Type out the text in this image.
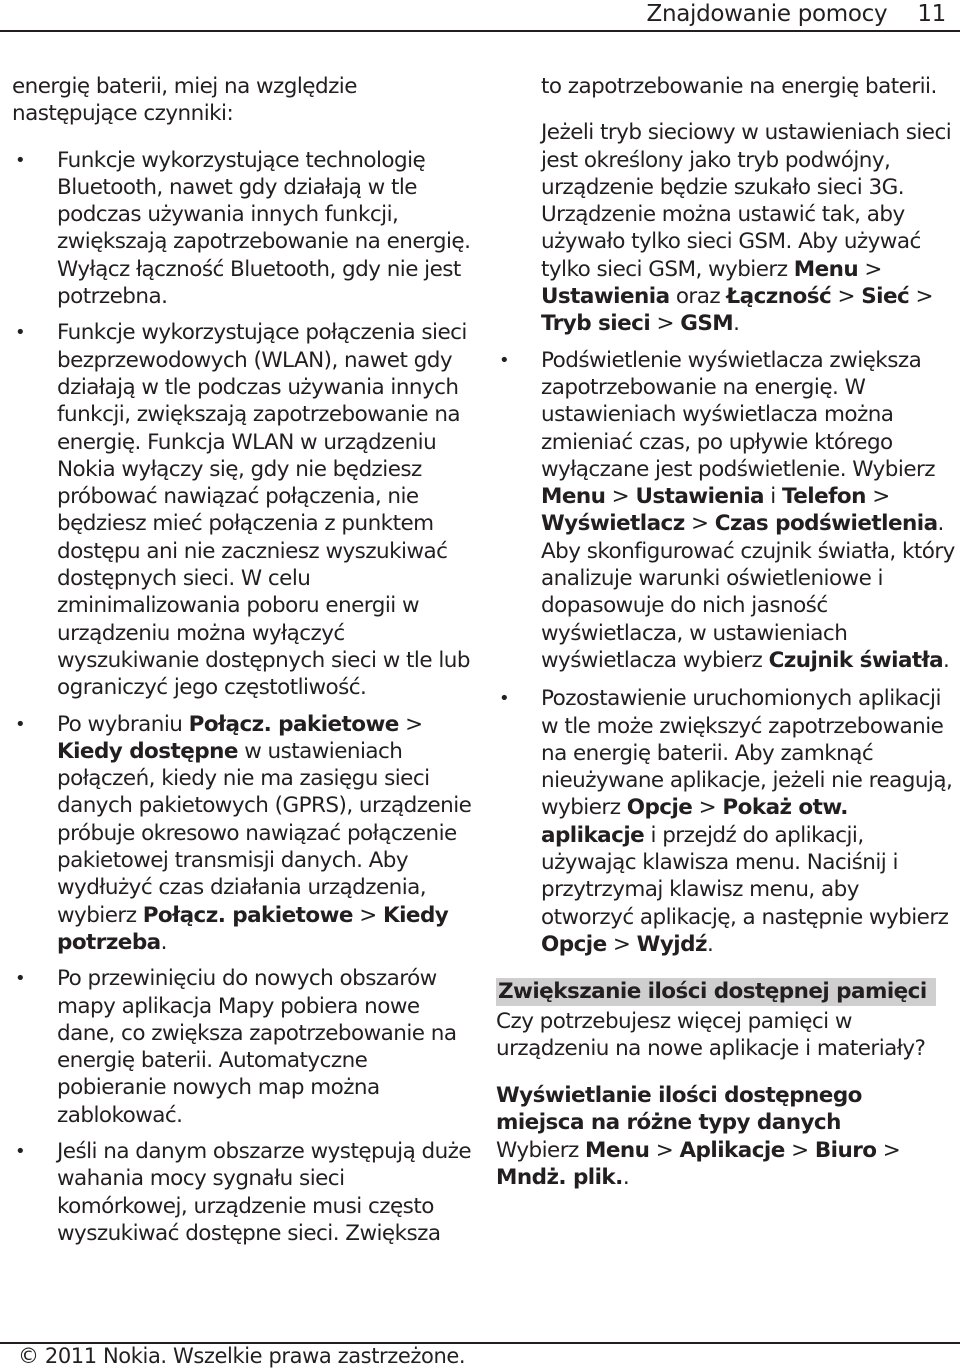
Znajdowanie pomocy 11

energię baterii, miej na względzie następujące czynniki:

• Funkcje wykorzystujące technologię Bluetooth, nawet gdy działają w tle podczas używania innych funkcji, zwiększają zapotrzebowanie na energię. Wyłącz łączność Bluetooth, gdy nie jest potrzebna.
• Funkcje wykorzystujące połączenia sieci bezprzewodowych (WLAN), nawet gdy działają w tle podczas używania innych funkcji, zwiększają zapotrzebowanie na energię. Funkcja WLAN w urządzeniu Nokia wyłączy się, gdy nie będziesz próbować nawiązać połączenia, nie będziesz mieć połączenia z punktem dostępu ani nie zaczniesz wyszukiwać dostępnych sieci. W celu zminimalizowania poboru energii w urządzeniu można wyłączyć wyszukiwanie dostępnych sieci w tle lub ograniczyć jego częstotliwość.
• Po wybraniu Połącz. pakietowe > Kiedy dostępne w ustawieniach połączeń, kiedy nie ma zasięgu sieci danych pakietowych (GPRS), urządzenie próbuje okresowo nawiązać połączenie pakietowej transmisji danych. Aby wydłużyć czas działania urządzenia, wybierz Połącz. pakietowe > Kiedy potrzeba.
• Po przewinięciu do nowych obszarów mapy aplikacja Mapy pobiera nowe dane, co zwiększa zapotrzebowanie na energię baterii. Automatyczne pobieranie nowych map można zablokować.
• Jeśli na danym obszarze występują duże wahania mocy sygnału sieci komórkowej, urządzenie musi często wyszukiwać dostępne sieci. Zwiększa
to zapotrzebowanie na energię baterii.
Jeżeli tryb sieciowy w ustawieniach sieci jest określony jako tryb podwójny, urządzenie będzie szukało sieci 3G. Urządzenie można ustawić tak, aby używało tylko sieci GSM. Aby używać tylko sieci GSM, wybierz Menu > Ustawienia oraz Łączność > Sieć > Tryb sieci > GSM.
• Podświetlenie wyświetlacza zwiększa zapotrzebowanie na energię. W ustawieniach wyświetlacza można zmieniać czas, po upływie którego wyłączane jest podświetlenie. Wybierz Menu > Ustawienia i Telefon > Wyświetlacz > Czas podświetlenia. Aby skonfigurować czujnik światła, który analizuje warunki oświetleniowe i dopasowuje do nich jasność wyświetlacza, w ustawieniach wyświetlacza wybierz Czujnik światła.
• Pozostawienie uruchomionych aplikacji w tle może zwiększyć zapotrzebowanie na energię baterii. Aby zamknąć nieużywane aplikacje, jeżeli nie reagują, wybierz Opcje > Pokaż otw. aplikacje i przejdź do aplikacji, używając klawisza menu. Naciśnij i przytrzymaj klawisz menu, aby otworzyć aplikację, a następnie wybierz Opcje > Wyjdź.
Zwiększanie ilości dostępnej pamięci
Czy potrzebujesz więcej pamięci w urządzeniu na nowe aplikacje i materiały?
Wyświetlanie ilości dostępnego miejsca na różne typy danych
Wybierz Menu > Aplikacje > Biuro > Mndż. plik..
© 2011 Nokia. Wszelkie prawa zastrzeżone.
